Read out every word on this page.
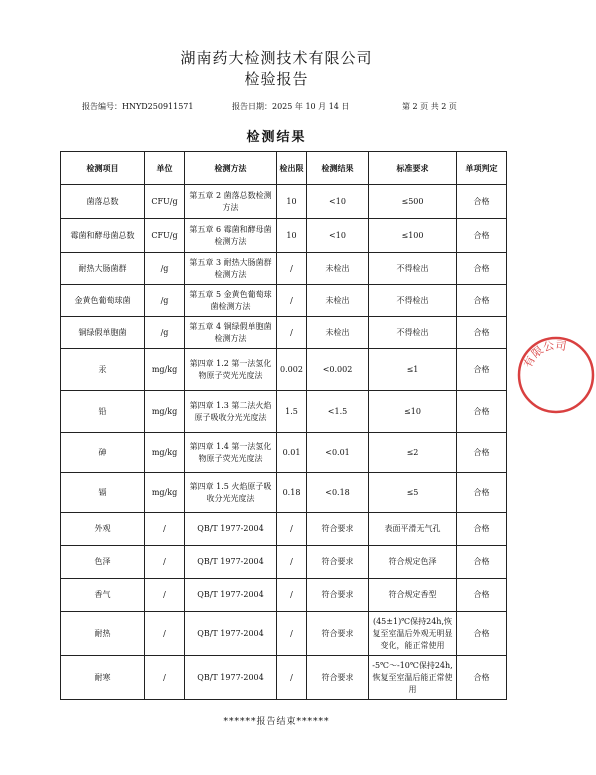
湖南药大检测技术有限公司
检验报告
报告编号：HNYD250911571	报告日期：2025 年 10 月 14 日	第 2 页 共 2 页
检测结果
检测项目	单位	检测方法	检出限	检测结果	标准要求	单项判定
菌落总数	CFU/g	第五章 2 菌落总数检测方法	10	<10	≤500	合格
霉菌和酵母菌总数	CFU/g	第五章 6 霉菌和酵母菌检测方法	10	<10	≤100	合格
耐热大肠菌群	/g	第五章 3 耐热大肠菌群检测方法	/	未检出	不得检出	合格
金黄色葡萄球菌	/g	第五章 5 金黄色葡萄球菌检测方法	/	未检出	不得检出	合格
铜绿假单胞菌	/g	第五章 4 铜绿假单胞菌检测方法	/	未检出	不得检出	合格
汞	mg/kg	第四章 1.2 第一法氢化物原子荧光光度法	0.002	<0.002	≤1	合格
铅	mg/kg	第四章 1.3 第二法火焰原子吸收分光光度法	1.5	<1.5	≤10	合格
砷	mg/kg	第四章 1.4 第一法氢化物原子荧光光度法	0.01	<0.01	≤2	合格
镉	mg/kg	第四章 1.5 火焰原子吸收分光光度法	0.18	<0.18	≤5	合格
外观	/	QB/T 1977-2004	/	符合要求	表面平滑无气孔	合格
色泽	/	QB/T 1977-2004	/	符合要求	符合规定色泽	合格
香气	/	QB/T 1977-2004	/	符合要求	符合规定香型	合格
耐热	/	QB/T 1977-2004	/	符合要求	(45±1)℃保持24h,恢复至室温后外观无明显变化，能正常使用	合格
耐寒	/	QB/T 1977-2004	/	符合要求	-5℃～-10℃保持24h,恢复至室温后能正常使用	合格
有限公司
******报告结束******
